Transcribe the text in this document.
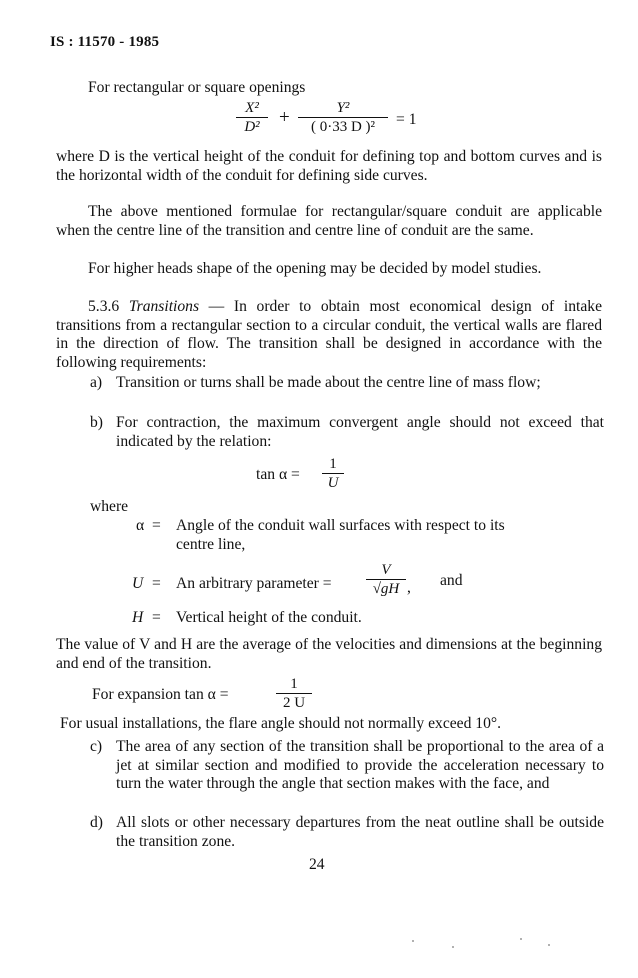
IS : 11570 - 1985
For rectangular or square openings
X²
D²	+	Y²
( 0·33 D )²	= 1
where D is the vertical height of the conduit for defining top and bottom curves and is the horizontal width of the conduit for defining side curves.
The above mentioned formulae for rectangular/square conduit are applicable when the centre line of the transition and centre line of conduit are the same.
For higher heads shape of the opening may be decided by model studies.
5.3.6 Transitions — In order to obtain most economical design of intake transitions from a rectangular section to a circular conduit, the vertical walls are flared in the direction of flow. The transition shall be designed in accordance with the following requirements:
a) Transition or turns shall be made about the centre line of mass flow;
b) For contraction, the maximum convergent angle should not exceed that indicated by the relation:
tan α =
1
U
where
α = Angle of the conduit wall surfaces with respect to its
centre line,
U = An arbitrary parameter =
V
√gH , and
H = Vertical height of the conduit.
The value of V and H are the average of the velocities and dimensions at the beginning and end of the transition.
For expansion tan α =
1
2 U
For usual installations, the flare angle should not normally exceed 10°.
c) The area of any section of the transition shall be proportional to the area of a jet at similar section and modified to provide the acceleration necessary to turn the water through the angle that section makes with the face, and
d) All slots or other necessary departures from the neat outline shall be outside the transition zone.
24
